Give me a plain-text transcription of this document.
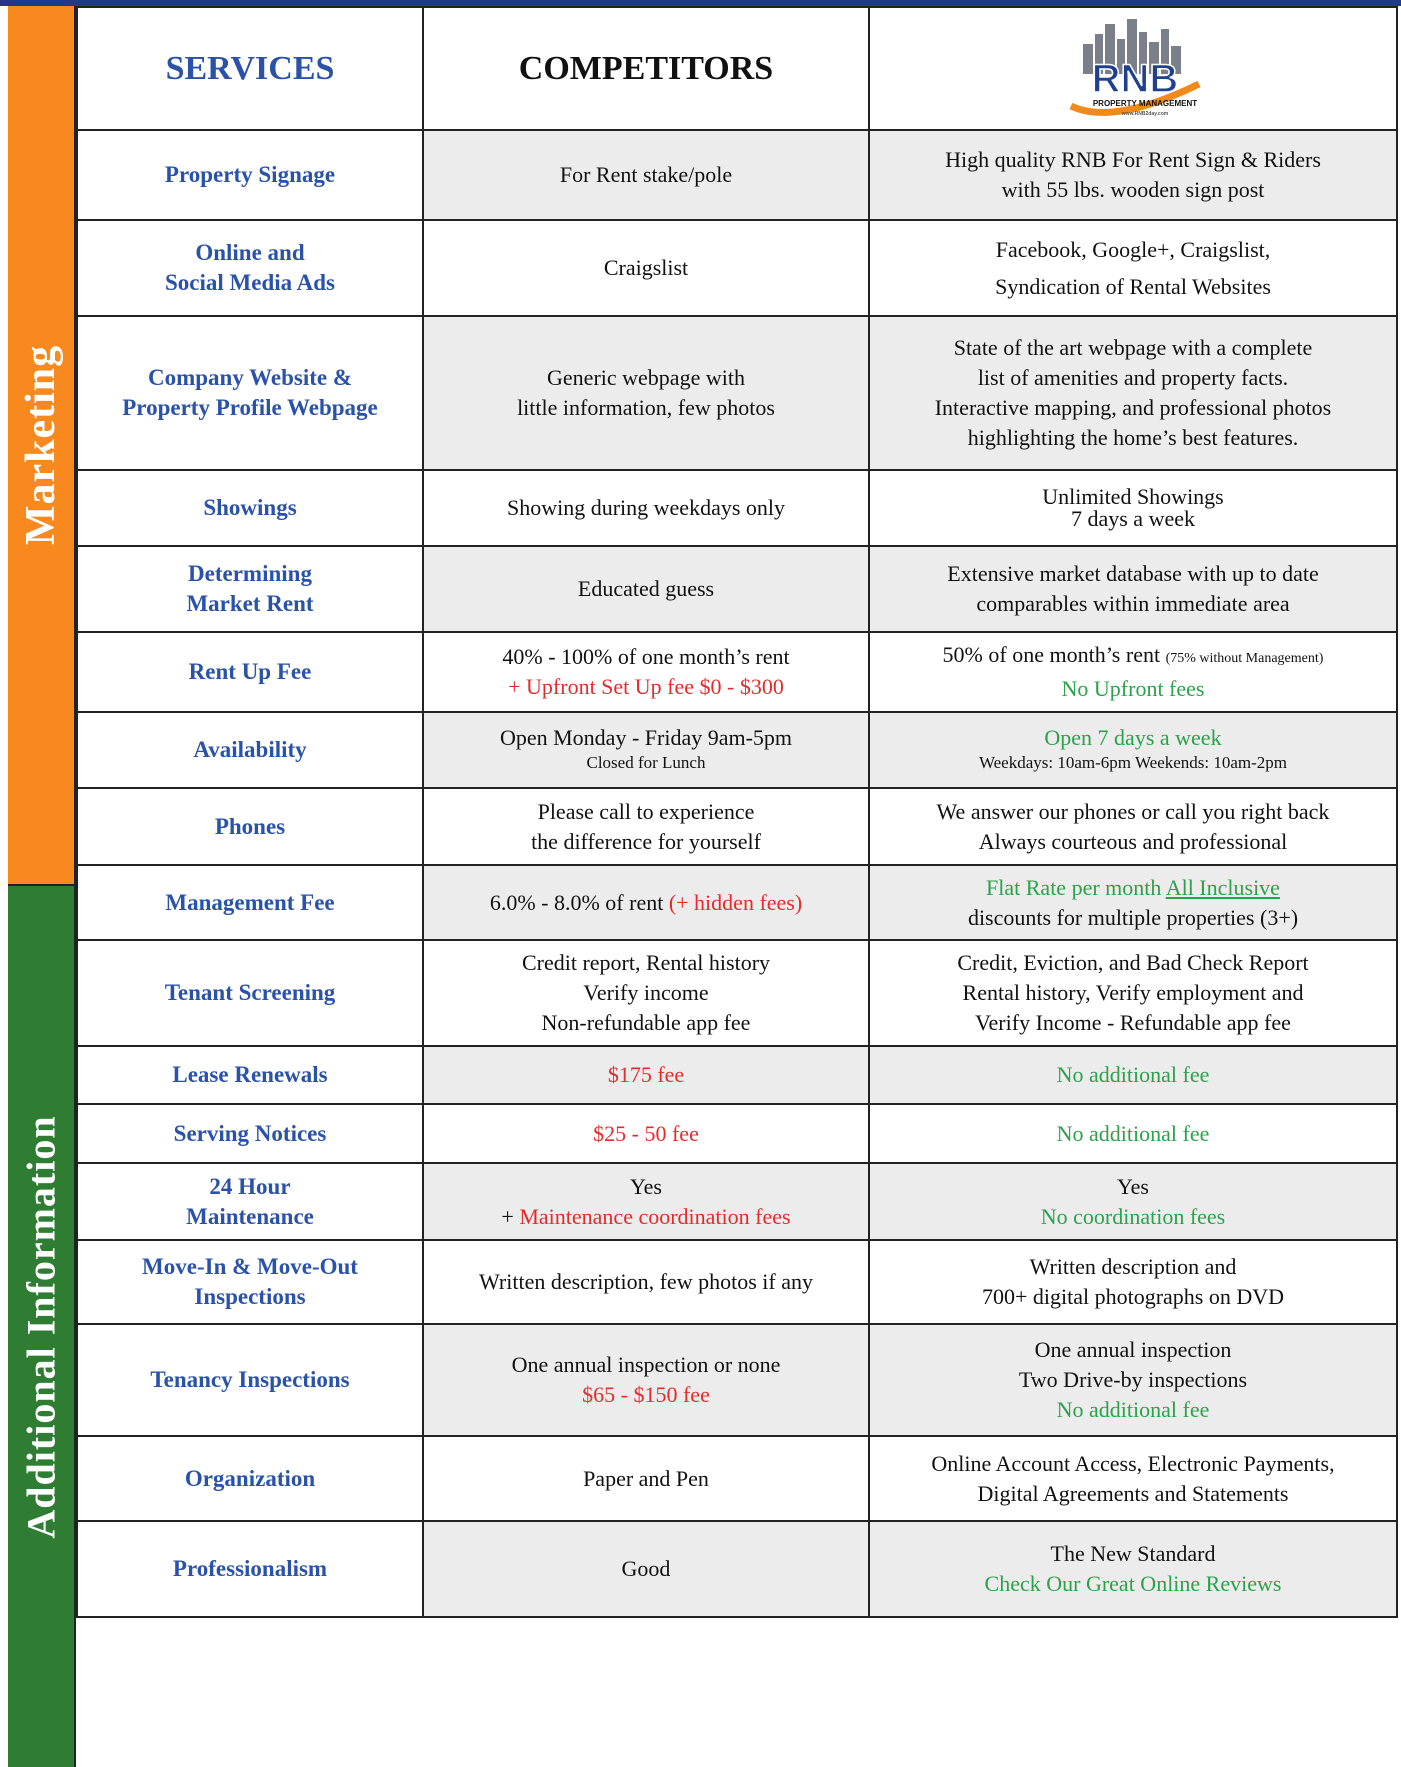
Marketing
Additional Information
SERVICES	COMPETITORS	RNB
PROPERTY MANAGEMENT
www.RNB2day.com

Property Signage	For Rent stake/pole	High quality RNB For Rent Sign & Riders
with 55 lbs. wooden sign post

Online and
Social Media Ads	Craigslist	Facebook, Google+, Craigslist,
Syndication of Rental Websites

Company Website &
Property Profile Webpage	Generic webpage with
little information, few photos	State of the art webpage with a complete
list of amenities and property facts.
Interactive mapping, and professional photos
highlighting the home’s best features.

Showings	Showing during weekdays only	Unlimited Showings
7 days a week

Determining
Market Rent	Educated guess	Extensive market database with up to date
comparables within immediate area

Rent Up Fee	40% - 100% of one month’s rent
+ Upfront Set Up fee $0 - $300	50% of one month’s rent (75% without Management)
No Upfront fees

Availability	Open Monday - Friday 9am-5pm
Closed for Lunch	Open 7 days a week
Weekdays: 10am-6pm Weekends: 10am-2pm

Phones	Please call to experience
the difference for yourself	We answer our phones or call you right back
Always courteous and professional

Management Fee	6.0% - 8.0% of rent (+ hidden fees)	Flat Rate per month All Inclusive
discounts for multiple properties (3+)

Tenant Screening	Credit report, Rental history
Verify income
Non-refundable app fee	Credit, Eviction, and Bad Check Report
Rental history, Verify employment and
Verify Income - Refundable app fee

Lease Renewals	$175 fee	No additional fee
Serving Notices	$25 - 50 fee	No additional fee

24 Hour
Maintenance	Yes
+ Maintenance coordination fees	Yes
No coordination fees

Move-In & Move-Out
Inspections	Written description, few photos if any	Written description and
700+ digital photographs on DVD

Tenancy Inspections	One annual inspection or none
$65 - $150 fee	One annual inspection
Two Drive-by inspections
No additional fee

Organization	Paper and Pen	Online Account Access, Electronic Payments,
Digital Agreements and Statements

Professionalism	Good	The New Standard
Check Our Great Online Reviews
